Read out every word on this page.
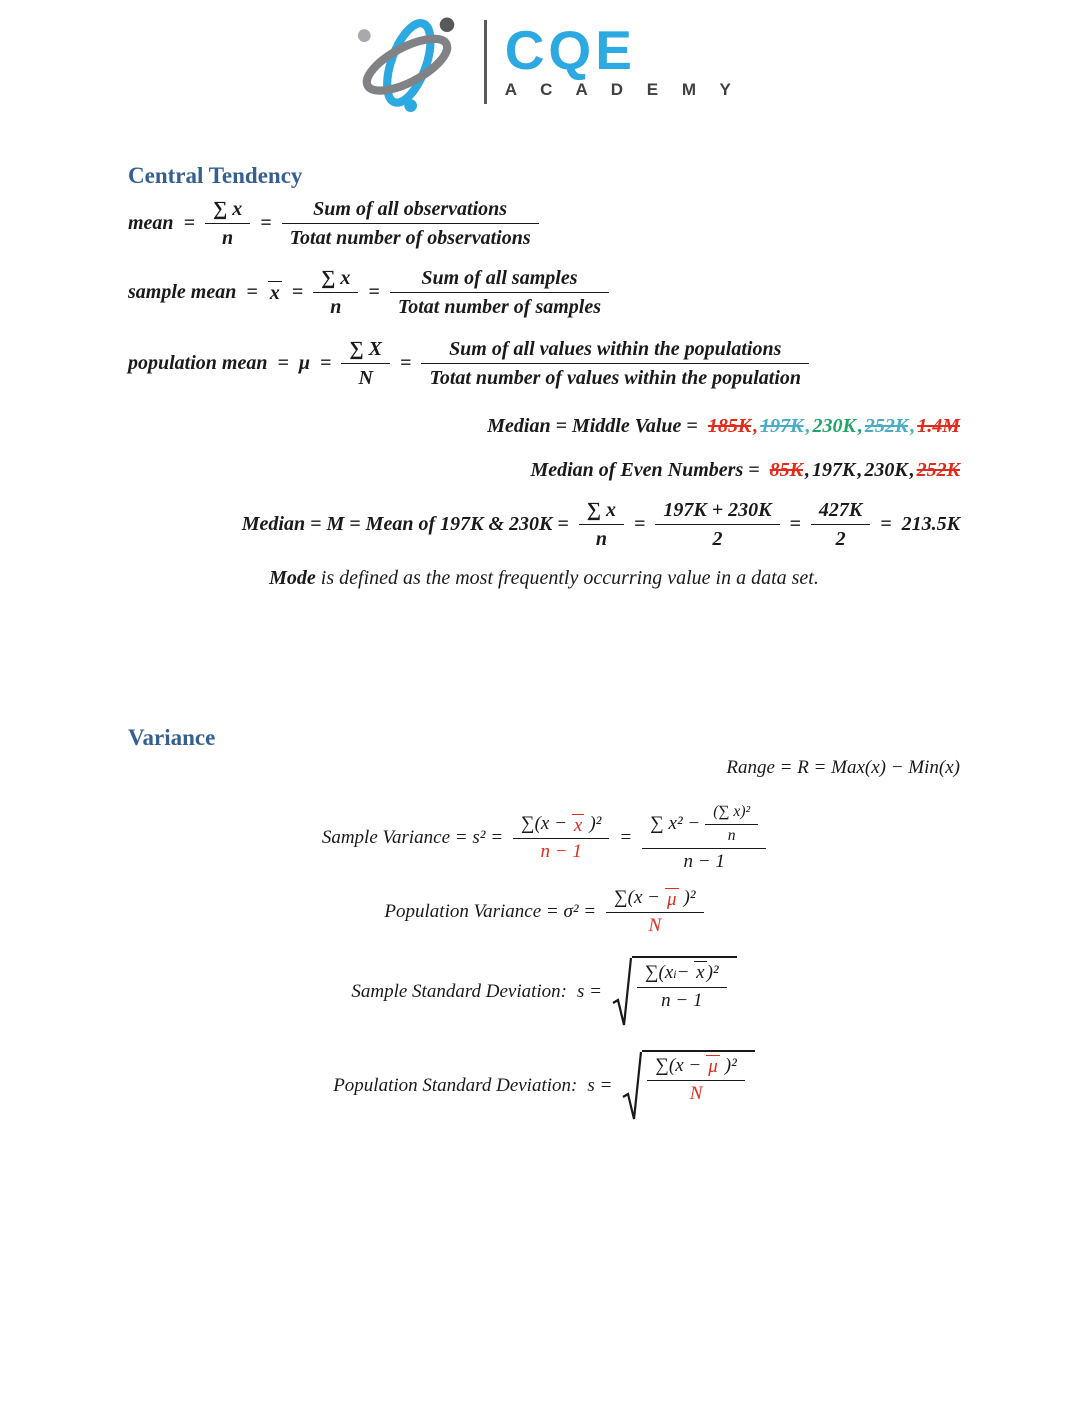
CQE
A C A D E M Y
Central Tendency
mean = $\frac{\sum x}{n} = \frac{\text{Sum of all observations}}{\text{Totat number of observations}}$
sample mean = $x = \frac{\sum x}{n} = \frac{\text{Sum of all samples}}{\text{Totat number of samples}}$
population mean = $\mu = \frac{\sum X}{N} = \frac{\text{Sum of all values within the populations}}{\text{Totat number of values within the population}}$
Median = Middle Value = 185K , 197K , 230K , 252K , 1.4M
Median of Even Numbers = 85K , 197K , 230K , 252K
Median = M = Mean of 197K & $230K = \frac{\sum x}{n} = \frac{197K + 230K}{2} = \frac{427K}{2} = 213.5K$
Mode is defined as the most frequently occurring value in a data set.
Variance
Range = R = Max(x) − Min(x)
Sample Variance = $s^2 = \frac{\text{∑(x − x )²}}{n - 1} = \frac{\sum x^2 - \frac{\text{(∑ x)²}}{n}}{n - 1}$
Population Variance = $\sigma^2 = \frac{\text{∑(x − μ )²}}{N}$
Sample Standard Deviation: s = ∑(x i −
x )²
n − 1
Population Standard Deviation: $s = \frac{\text{∑(x − μ )²}}{N}$
